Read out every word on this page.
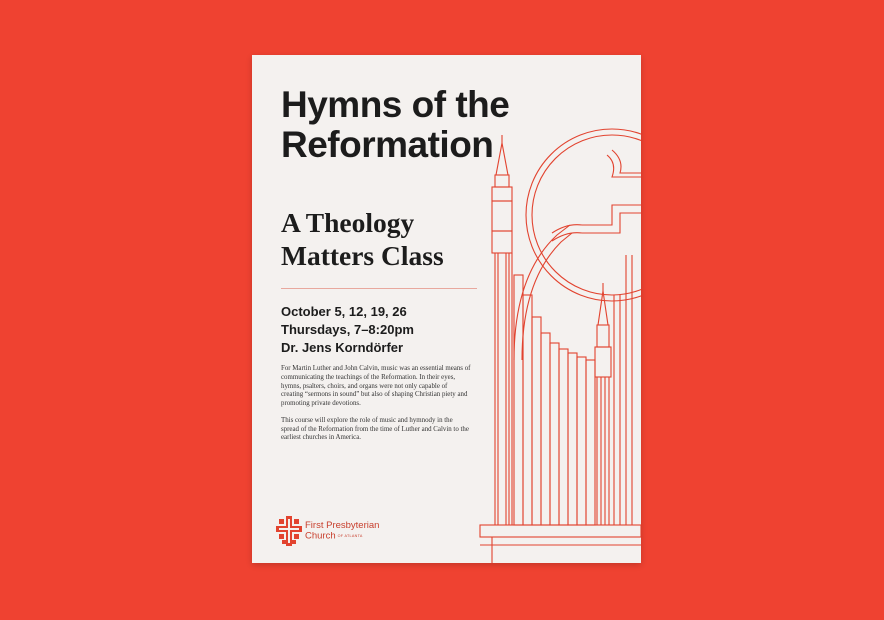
Hymns of the Reformation
A Theology Matters Class
October 5, 12, 19, 26
Thursdays, 7–8:20pm
Dr. Jens Korndörfer

For Martin Luther and John Calvin, music was an essential means of communicating the teachings of the Reformation. In their eyes, hymns, psalters, choirs, and organs were not only capable of creating “sermons in sound” but also of shaping Christian piety and promoting private devotions.

This course will explore the role of music and hymnody in the spread of the Reformation from the time of Luther and Calvin to the earliest churches in America.

First Presbyterian
Church OF ATLANTA
